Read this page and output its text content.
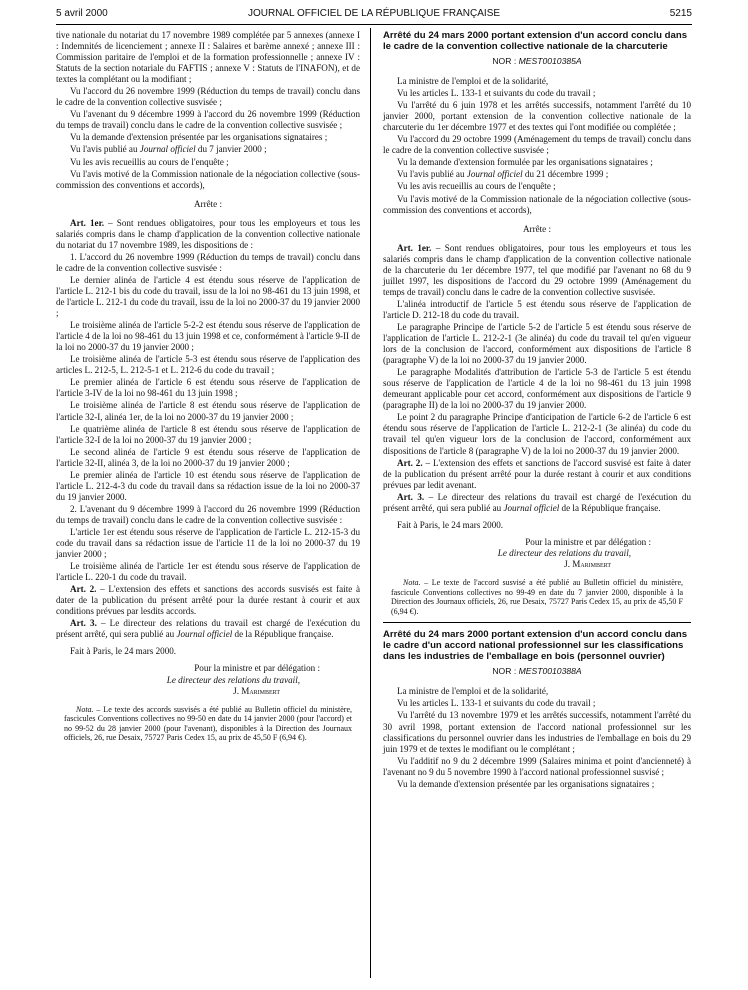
5 avril 2000	JOURNAL OFFICIEL DE LA RÉPUBLIQUE FRANÇAISE	5215

tive nationale du notariat du 17 novembre 1989 complétée par 5 annexes (annexe I : Indemnités de licenciement ; annexe II : Salaires et barème annexé ; annexe III : Commission paritaire de l'emploi et de la formation professionnelle ; annexe IV : Statuts de la section notariale du FAFTIS ; annexe V : Statuts de l'INAFON), et de textes la complétant ou la modifiant ;

Vu l'accord du 26 novembre 1999 (Réduction du temps de travail) conclu dans le cadre de la convention collective susvisée ;

Vu l'avenant du 9 décembre 1999 à l'accord du 26 novembre 1999 (Réduction du temps de travail) conclu dans le cadre de la convention collective susvisée ;

Vu la demande d'extension présentée par les organisations signataires ;

Vu l'avis publié au Journal officiel du 7 janvier 2000 ;

Vu les avis recueillis au cours de l'enquête ;

Vu l'avis motivé de la Commission nationale de la négociation collective (sous-commission des conventions et accords),

Arrête :

Art. 1er. – Sont rendues obligatoires, pour tous les employeurs et tous les salariés compris dans le champ d'application de la convention collective nationale du notariat du 17 novembre 1989, les dispositions de :

1. L'accord du 26 novembre 1999 (Réduction du temps de travail) conclu dans le cadre de la convention collective susvisée :

Le dernier alinéa de l'article 4 est étendu sous réserve de l'application de l'article L. 212-1 bis du code du travail, issu de la loi no 98-461 du 13 juin 1998, et de l'article L. 212-1 du code du travail, issu de la loi no 2000-37 du 19 janvier 2000 ;

Le troisième alinéa de l'article 5-2-2 est étendu sous réserve de l'application de l'article 4 de la loi no 98-461 du 13 juin 1998 et ce, conformément à l'article 9-II de la loi no 2000-37 du 19 janvier 2000 ;

Le troisième alinéa de l'article 5-3 est étendu sous réserve de l'application des articles L. 212-5, L. 212-5-1 et L. 212-6 du code du travail ;

Le premier alinéa de l'article 6 est étendu sous réserve de l'application de l'article 3-IV de la loi no 98-461 du 13 juin 1998 ;

Le troisième alinéa de l'article 8 est étendu sous réserve de l'application de l'article 32-I, alinéa 1er, de la loi no 2000-37 du 19 janvier 2000 ;

Le quatrième alinéa de l'article 8 est étendu sous réserve de l'application de l'article 32-I de la loi no 2000-37 du 19 janvier 2000 ;

Le second alinéa de l'article 9 est étendu sous réserve de l'application de l'article 32-II, alinéa 3, de la loi no 2000-37 du 19 janvier 2000 ;

Le premier alinéa de l'article 10 est étendu sous réserve de l'application de l'article L. 212-4-3 du code du travail dans sa rédaction issue de la loi no 2000-37 du 19 janvier 2000.

2. L'avenant du 9 décembre 1999 à l'accord du 26 novembre 1999 (Réduction du temps de travail) conclu dans le cadre de la convention collective susvisée :

L'article 1er est étendu sous réserve de l'application de l'article L. 212-15-3 du code du travail dans sa rédaction issue de l'article 11 de la loi no 2000-37 du 19 janvier 2000 ;

Le troisième alinéa de l'article 1er est étendu sous réserve de l'application de l'article L. 220-1 du code du travail.

Art. 2. – L'extension des effets et sanctions des accords susvisés est faite à dater de la publication du présent arrêté pour la durée restant à courir et aux conditions prévues par lesdits accords.

Art. 3. – Le directeur des relations du travail est chargé de l'exécution du présent arrêté, qui sera publié au Journal officiel de la République française.

Fait à Paris, le 24 mars 2000.

Pour la ministre et par délégation :

Le directeur des relations du travail,

J. Marimbert

Nota. – Le texte des accords susvisés a été publié au Bulletin officiel du ministère, fascicules Conventions collectives no 99-50 en date du 14 janvier 2000 (pour l'accord) et no 99-52 du 28 janvier 2000 (pour l'avenant), disponibles à la Direction des Journaux officiels, 26, rue Desaix, 75727 Paris Cedex 15, au prix de 45,50 F (6,94 €).

Arrêté du 24 mars 2000 portant extension d'un accord conclu dans le cadre de la convention collective nationale de la charcuterie

NOR : MEST0010385A

La ministre de l'emploi et de la solidarité,

Vu les articles L. 133-1 et suivants du code du travail ;

Vu l'arrêté du 6 juin 1978 et les arrêtés successifs, notamment l'arrêté du 10 janvier 2000, portant extension de la convention collective nationale de la charcuterie du 1er décembre 1977 et des textes qui l'ont modifiée ou complétée ;

Vu l'accord du 29 octobre 1999 (Aménagement du temps de travail) conclu dans le cadre de la convention collective susvisée ;

Vu la demande d'extension formulée par les organisations signataires ;

Vu l'avis publié au Journal officiel du 21 décembre 1999 ;

Vu les avis recueillis au cours de l'enquête ;

Vu l'avis motivé de la Commission nationale de la négociation collective (sous-commission des conventions et accords),

Arrête :

Art. 1er. – Sont rendues obligatoires, pour tous les employeurs et tous les salariés compris dans le champ d'application de la convention collective nationale de la charcuterie du 1er décembre 1977, tel que modifié par l'avenant no 68 du 9 juillet 1997, les dispositions de l'accord du 29 octobre 1999 (Aménagement du temps de travail) conclu dans le cadre de la convention collective susvisée.

L'alinéa introductif de l'article 5 est étendu sous réserve de l'application de l'article D. 212-18 du code du travail.

Le paragraphe Principe de l'article 5-2 de l'article 5 est étendu sous réserve de l'application de l'article L. 212-2-1 (3e alinéa) du code du travail tel qu'en vigueur lors de la conclusion de l'accord, conformément aux dispositions de l'article 8 (paragraphe V) de la loi no 2000-37 du 19 janvier 2000.

Le paragraphe Modalités d'attribution de l'article 5-3 de l'article 5 est étendu sous réserve de l'application de l'article 4 de la loi no 98-461 du 13 juin 1998 demeurant applicable pour cet accord, conformément aux dispositions de l'article 9 (paragraphe II) de la loi no 2000-37 du 19 janvier 2000.

Le point 2 du paragraphe Principe d'anticipation de l'article 6-2 de l'article 6 est étendu sous réserve de l'application de l'article L. 212-2-1 (3e alinéa) du code du travail tel qu'en vigueur lors de la conclusion de l'accord, conformément aux dispositions de l'article 8 (paragraphe V) de la loi no 2000-37 du 19 janvier 2000.

Art. 2. – L'extension des effets et sanctions de l'accord susvisé est faite à dater de la publication du présent arrêté pour la durée restant à courir et aux conditions prévues par ledit avenant.

Art. 3. – Le directeur des relations du travail est chargé de l'exécution du présent arrêté, qui sera publié au Journal officiel de la République française.

Fait à Paris, le 24 mars 2000.

Pour la ministre et par délégation :

Le directeur des relations du travail,

J. Marimbert

Nota. – Le texte de l'accord susvisé a été publié au Bulletin officiel du ministère, fascicule Conventions collectives no 99-49 en date du 7 janvier 2000, disponible à la Direction des Journaux officiels, 26, rue Desaix, 75727 Paris Cedex 15, au prix de 45,50 F (6,94 €).

Arrêté du 24 mars 2000 portant extension d'un accord conclu dans le cadre d'un accord national professionnel sur les classifications dans les industries de l'emballage en bois (personnel ouvrier)

NOR : MEST0010388A

La ministre de l'emploi et de la solidarité,

Vu les articles L. 133-1 et suivants du code du travail ;

Vu l'arrêté du 13 novembre 1979 et les arrêtés successifs, notamment l'arrêté du 30 avril 1998, portant extension de l'accord national professionnel sur les classifications du personnel ouvrier dans les industries de l'emballage en bois du 29 juin 1979 et de textes le modifiant ou le complétant ;

Vu l'additif no 9 du 2 décembre 1999 (Salaires minima et point d'ancienneté) à l'avenant no 9 du 5 novembre 1990 à l'accord national professionnel susvisé ;

Vu la demande d'extension présentée par les organisations signataires ;
